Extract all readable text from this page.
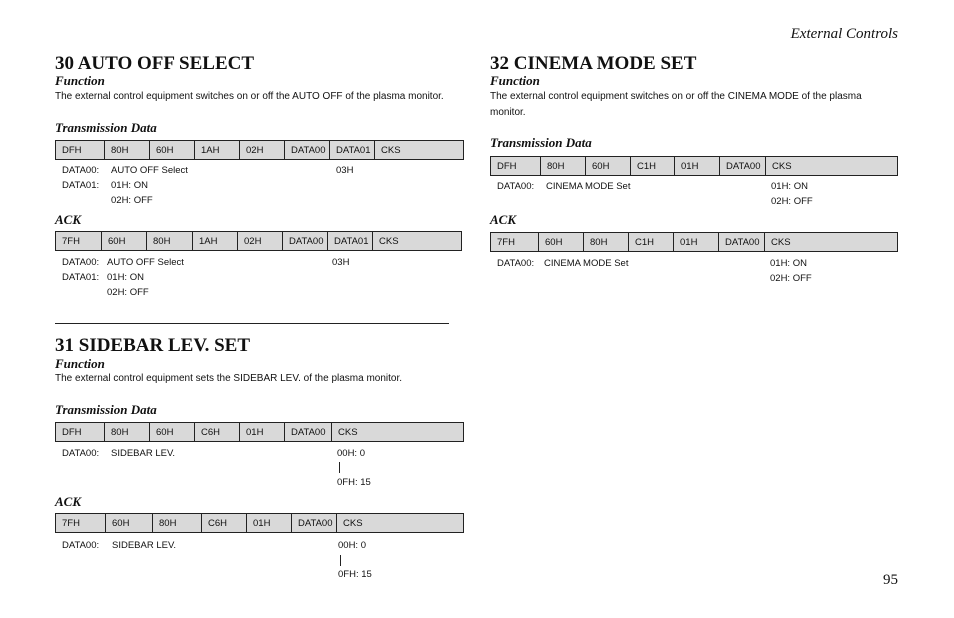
External Controls
30 AUTO OFF SELECT
Function
The external control equipment switches on or off the AUTO OFF of the plasma monitor.
Transmission Data
DFH	80H	60H	1AH	02H	DATA00	DATA01	CKS
DATA00: AUTO OFF Select	03H
DATA01: 01H: ON
02H: OFF
ACK
7FH	60H	80H	1AH	02H	DATA00	DATA01	CKS
DATA00: AUTO OFF Select	03H
DATA01: 01H: ON
02H: OFF
31 SIDEBAR LEV. SET
Function
The external control equipment sets the SIDEBAR LEV. of the plasma monitor.
Transmission Data
DFH	80H	60H	C6H	01H	DATA00	CKS
DATA00: SIDEBAR LEV.	00H: 0
0FH: 15
ACK
7FH	60H	80H	C6H	01H	DATA00	CKS
DATA00: SIDEBAR LEV.	00H: 0
0FH: 15
32 CINEMA MODE SET
Function
The external control equipment switches on or off the CINEMA MODE of the plasma
monitor.
Transmission Data
DFH	80H	60H	C1H	01H	DATA00	CKS
DATA00: CINEMA MODE Set	01H: ON
02H: OFF
ACK
7FH	60H	80H	C1H	01H	DATA00	CKS
DATA00: CINEMA MODE Set	01H: ON
02H: OFF
95
